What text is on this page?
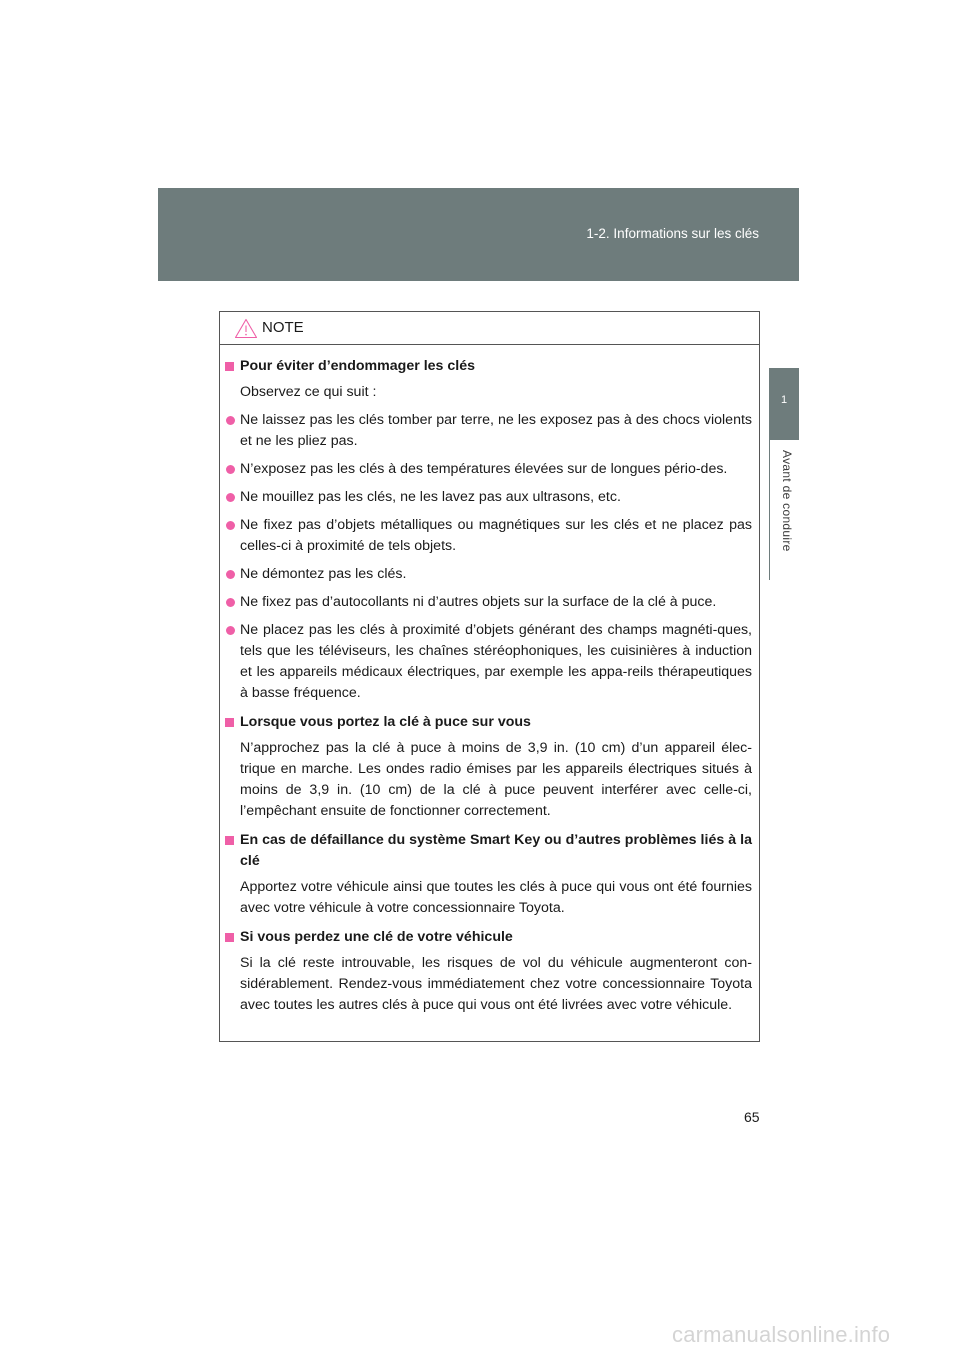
1-2. Informations sur les clés
1
Avant de conduire
NOTE
Pour éviter d’endommager les clés
Observez ce qui suit :
Ne laissez pas les clés tomber par terre, ne les exposez pas à des chocs violents et ne les pliez pas.
N’exposez pas les clés à des températures élevées sur de longues pério-des.
Ne mouillez pas les clés, ne les lavez pas aux ultrasons, etc.
Ne fixez pas d’objets métalliques ou magnétiques sur les clés et ne placez pas celles-ci à proximité de tels objets.
Ne démontez pas les clés.
Ne fixez pas d’autocollants ni d’autres objets sur la surface de la clé à puce.
Ne placez pas les clés à proximité d’objets générant des champs magnéti-ques, tels que les téléviseurs, les chaînes stéréophoniques, les cuisinières à induction et les appareils médicaux électriques, par exemple les appa-reils thérapeutiques à basse fréquence.
Lorsque vous portez la clé à puce sur vous
N’approchez pas la clé à puce à moins de 3,9 in. (10 cm) d’un appareil élec-trique en marche. Les ondes radio émises par les appareils électriques situés à moins de 3,9 in. (10 cm) de la clé à puce peuvent interférer avec celle-ci, l’empêchant ensuite de fonctionner correctement.
En cas de défaillance du système Smart Key ou d’autres problèmes liés à la clé
Apportez votre véhicule ainsi que toutes les clés à puce qui vous ont été fournies avec votre véhicule à votre concessionnaire Toyota.
Si vous perdez une clé de votre véhicule
Si la clé reste introuvable, les risques de vol du véhicule augmenteront con-sidérablement. Rendez-vous immédiatement chez votre concessionnaire Toyota avec toutes les autres clés à puce qui vous ont été livrées avec votre véhicule.
65
carmanualsonline.info
